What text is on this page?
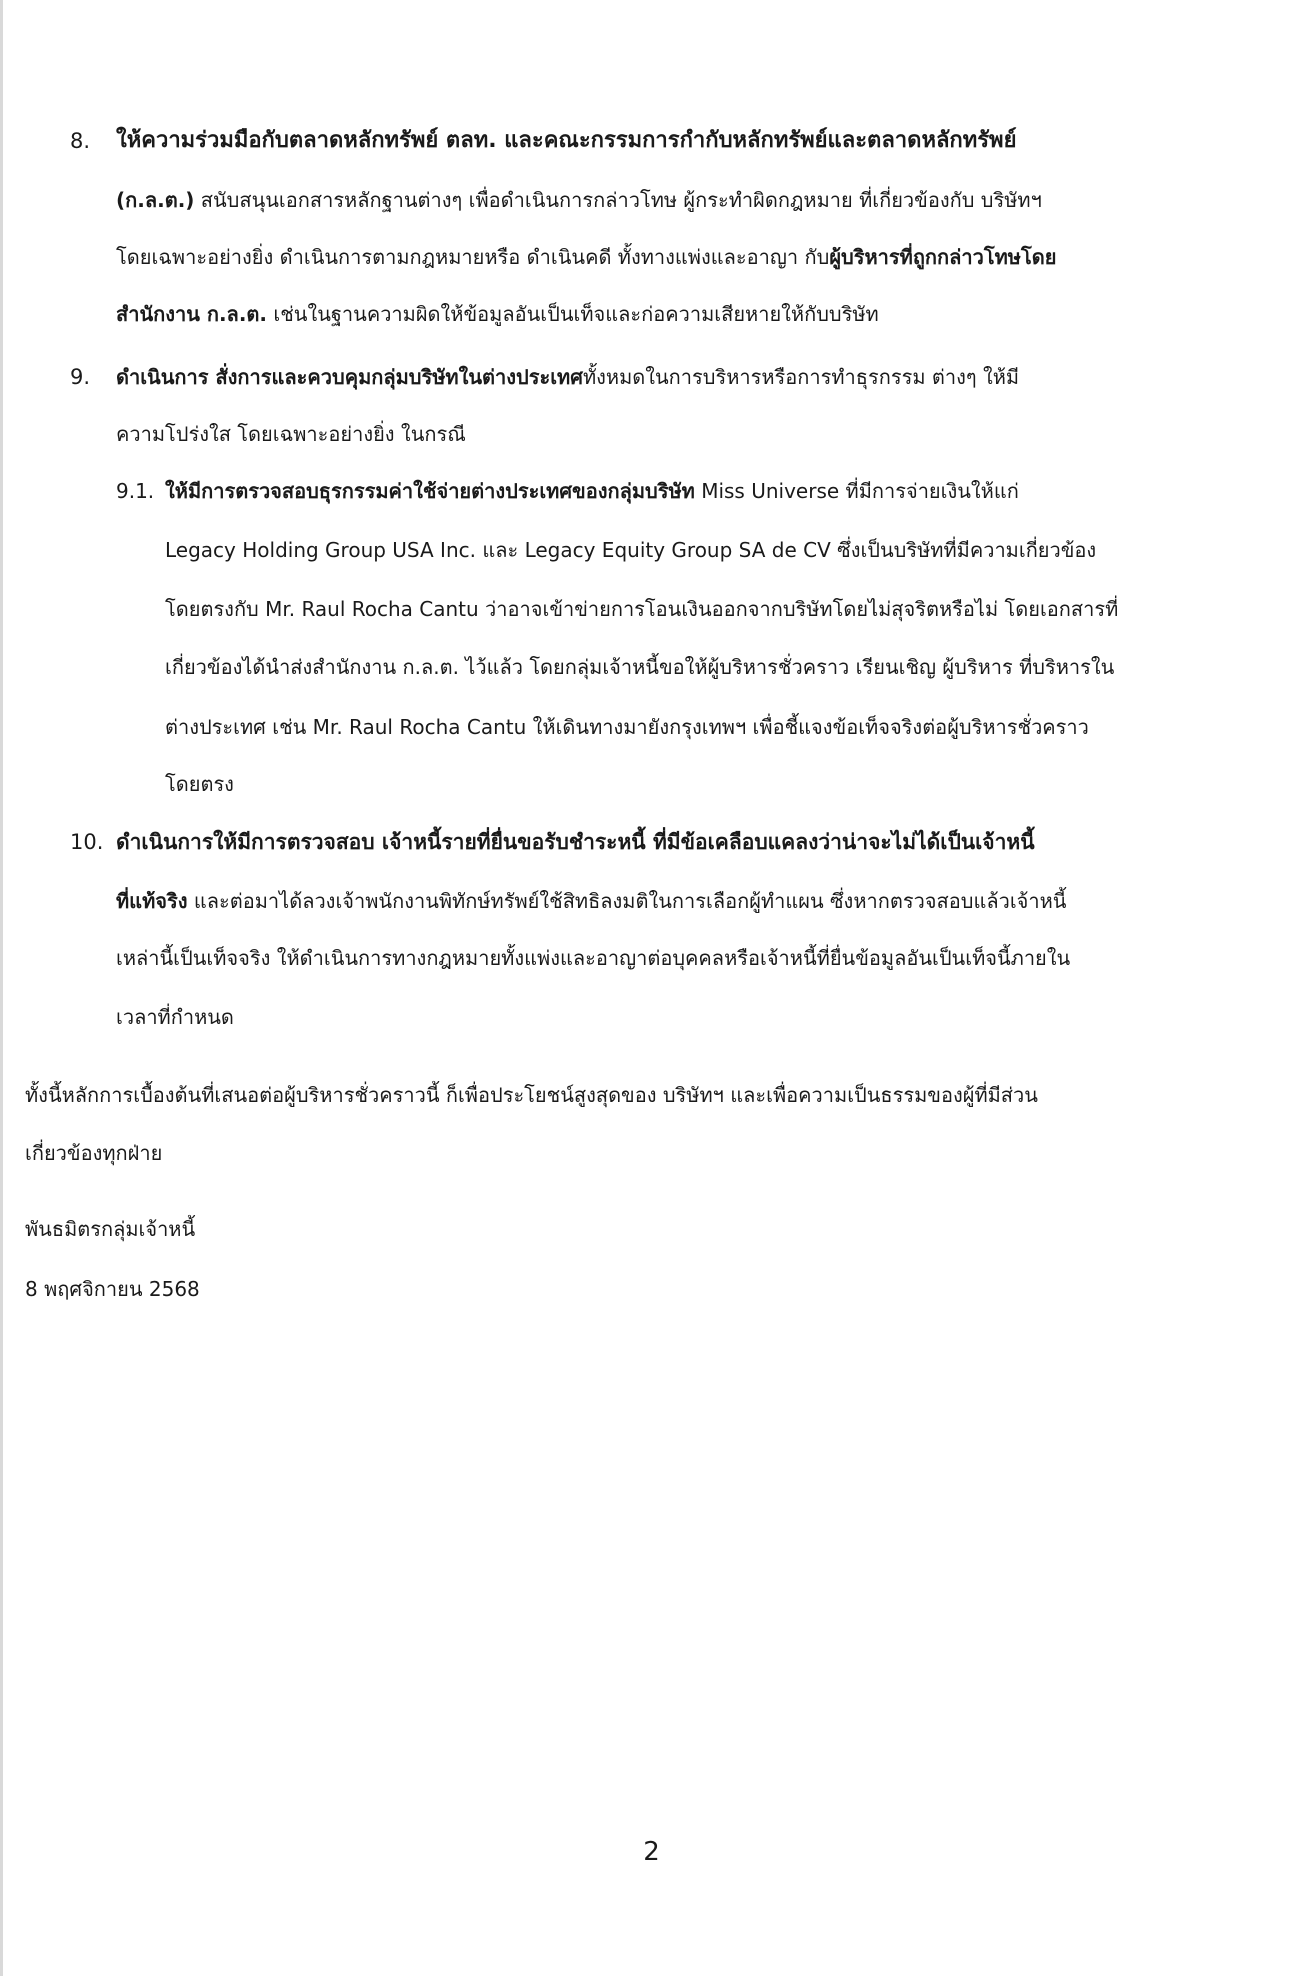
8. ให้ความร่วมมือกับตลาดหลักทรัพย์ ตลท. และคณะกรรมการกำกับหลักทรัพย์และตลาดหลักทรัพย์
(ก.ล.ต.) สนับสนุนเอกสารหลักฐานต่างๆ เพื่อดำเนินการกล่าวโทษ ผู้กระทำผิดกฎหมาย ที่เกี่ยวข้องกับ บริษัทฯ
โดยเฉพาะอย่างยิ่ง ดำเนินการตามกฎหมายหรือ ดำเนินคดี ทั้งทางแพ่งและอาญา กับผู้บริหารที่ถูกกล่าวโทษโดย
สำนักงาน ก.ล.ต. เช่นในฐานความผิดให้ข้อมูลอันเป็นเท็จและก่อความเสียหายให้กับบริษัท
9. ดำเนินการ สั่งการและควบคุมกลุ่มบริษัทในต่างประเทศทั้งหมดในการบริหารหรือการทำธุรกรรม ต่างๆ ให้มี
ความโปร่งใส โดยเฉพาะอย่างยิ่ง ในกรณี
9.1. ให้มีการตรวจสอบธุรกรรมค่าใช้จ่ายต่างประเทศของกลุ่มบริษัท Miss Universe ที่มีการจ่ายเงินให้แก่
Legacy Holding Group USA Inc. และ Legacy Equity Group SA de CV ซึ่งเป็นบริษัทที่มีความเกี่ยวข้อง
โดยตรงกับ Mr. Raul Rocha Cantu ว่าอาจเข้าข่ายการโอนเงินออกจากบริษัทโดยไม่สุจริตหรือไม่ โดยเอกสารที่
เกี่ยวข้องได้นำส่งสำนักงาน ก.ล.ต. ไว้แล้ว โดยกลุ่มเจ้าหนี้ขอให้ผู้บริหารชั่วคราว เรียนเชิญ ผู้บริหาร ที่บริหารใน
ต่างประเทศ เช่น Mr. Raul Rocha Cantu ให้เดินทางมายังกรุงเทพฯ เพื่อชี้แจงข้อเท็จจริงต่อผู้บริหารชั่วคราว
โดยตรง
10. ดำเนินการให้มีการตรวจสอบ เจ้าหนี้รายที่ยื่นขอรับชำระหนี้ ที่มีข้อเคลือบแคลงว่าน่าจะไม่ได้เป็นเจ้าหนี้
ที่แท้จริง และต่อมาได้ลวงเจ้าพนักงานพิทักษ์ทรัพย์ใช้สิทธิลงมติในการเลือกผู้ทำแผน ซึ่งหากตรวจสอบแล้วเจ้าหนี้
เหล่านี้เป็นเท็จจริง ให้ดำเนินการทางกฎหมายทั้งแพ่งและอาญาต่อบุคคลหรือเจ้าหนี้ที่ยื่นข้อมูลอันเป็นเท็จนี้ภายใน
เวลาที่กำหนด
ทั้งนี้หลักการเบื้องต้นที่เสนอต่อผู้บริหารชั่วคราวนี้ ก็เพื่อประโยชน์สูงสุดของ บริษัทฯ และเพื่อความเป็นธรรมของผู้ที่มีส่วน
เกี่ยวข้องทุกฝ่าย
พันธมิตรกลุ่มเจ้าหนี้
8 พฤศจิกายน 2568
2
